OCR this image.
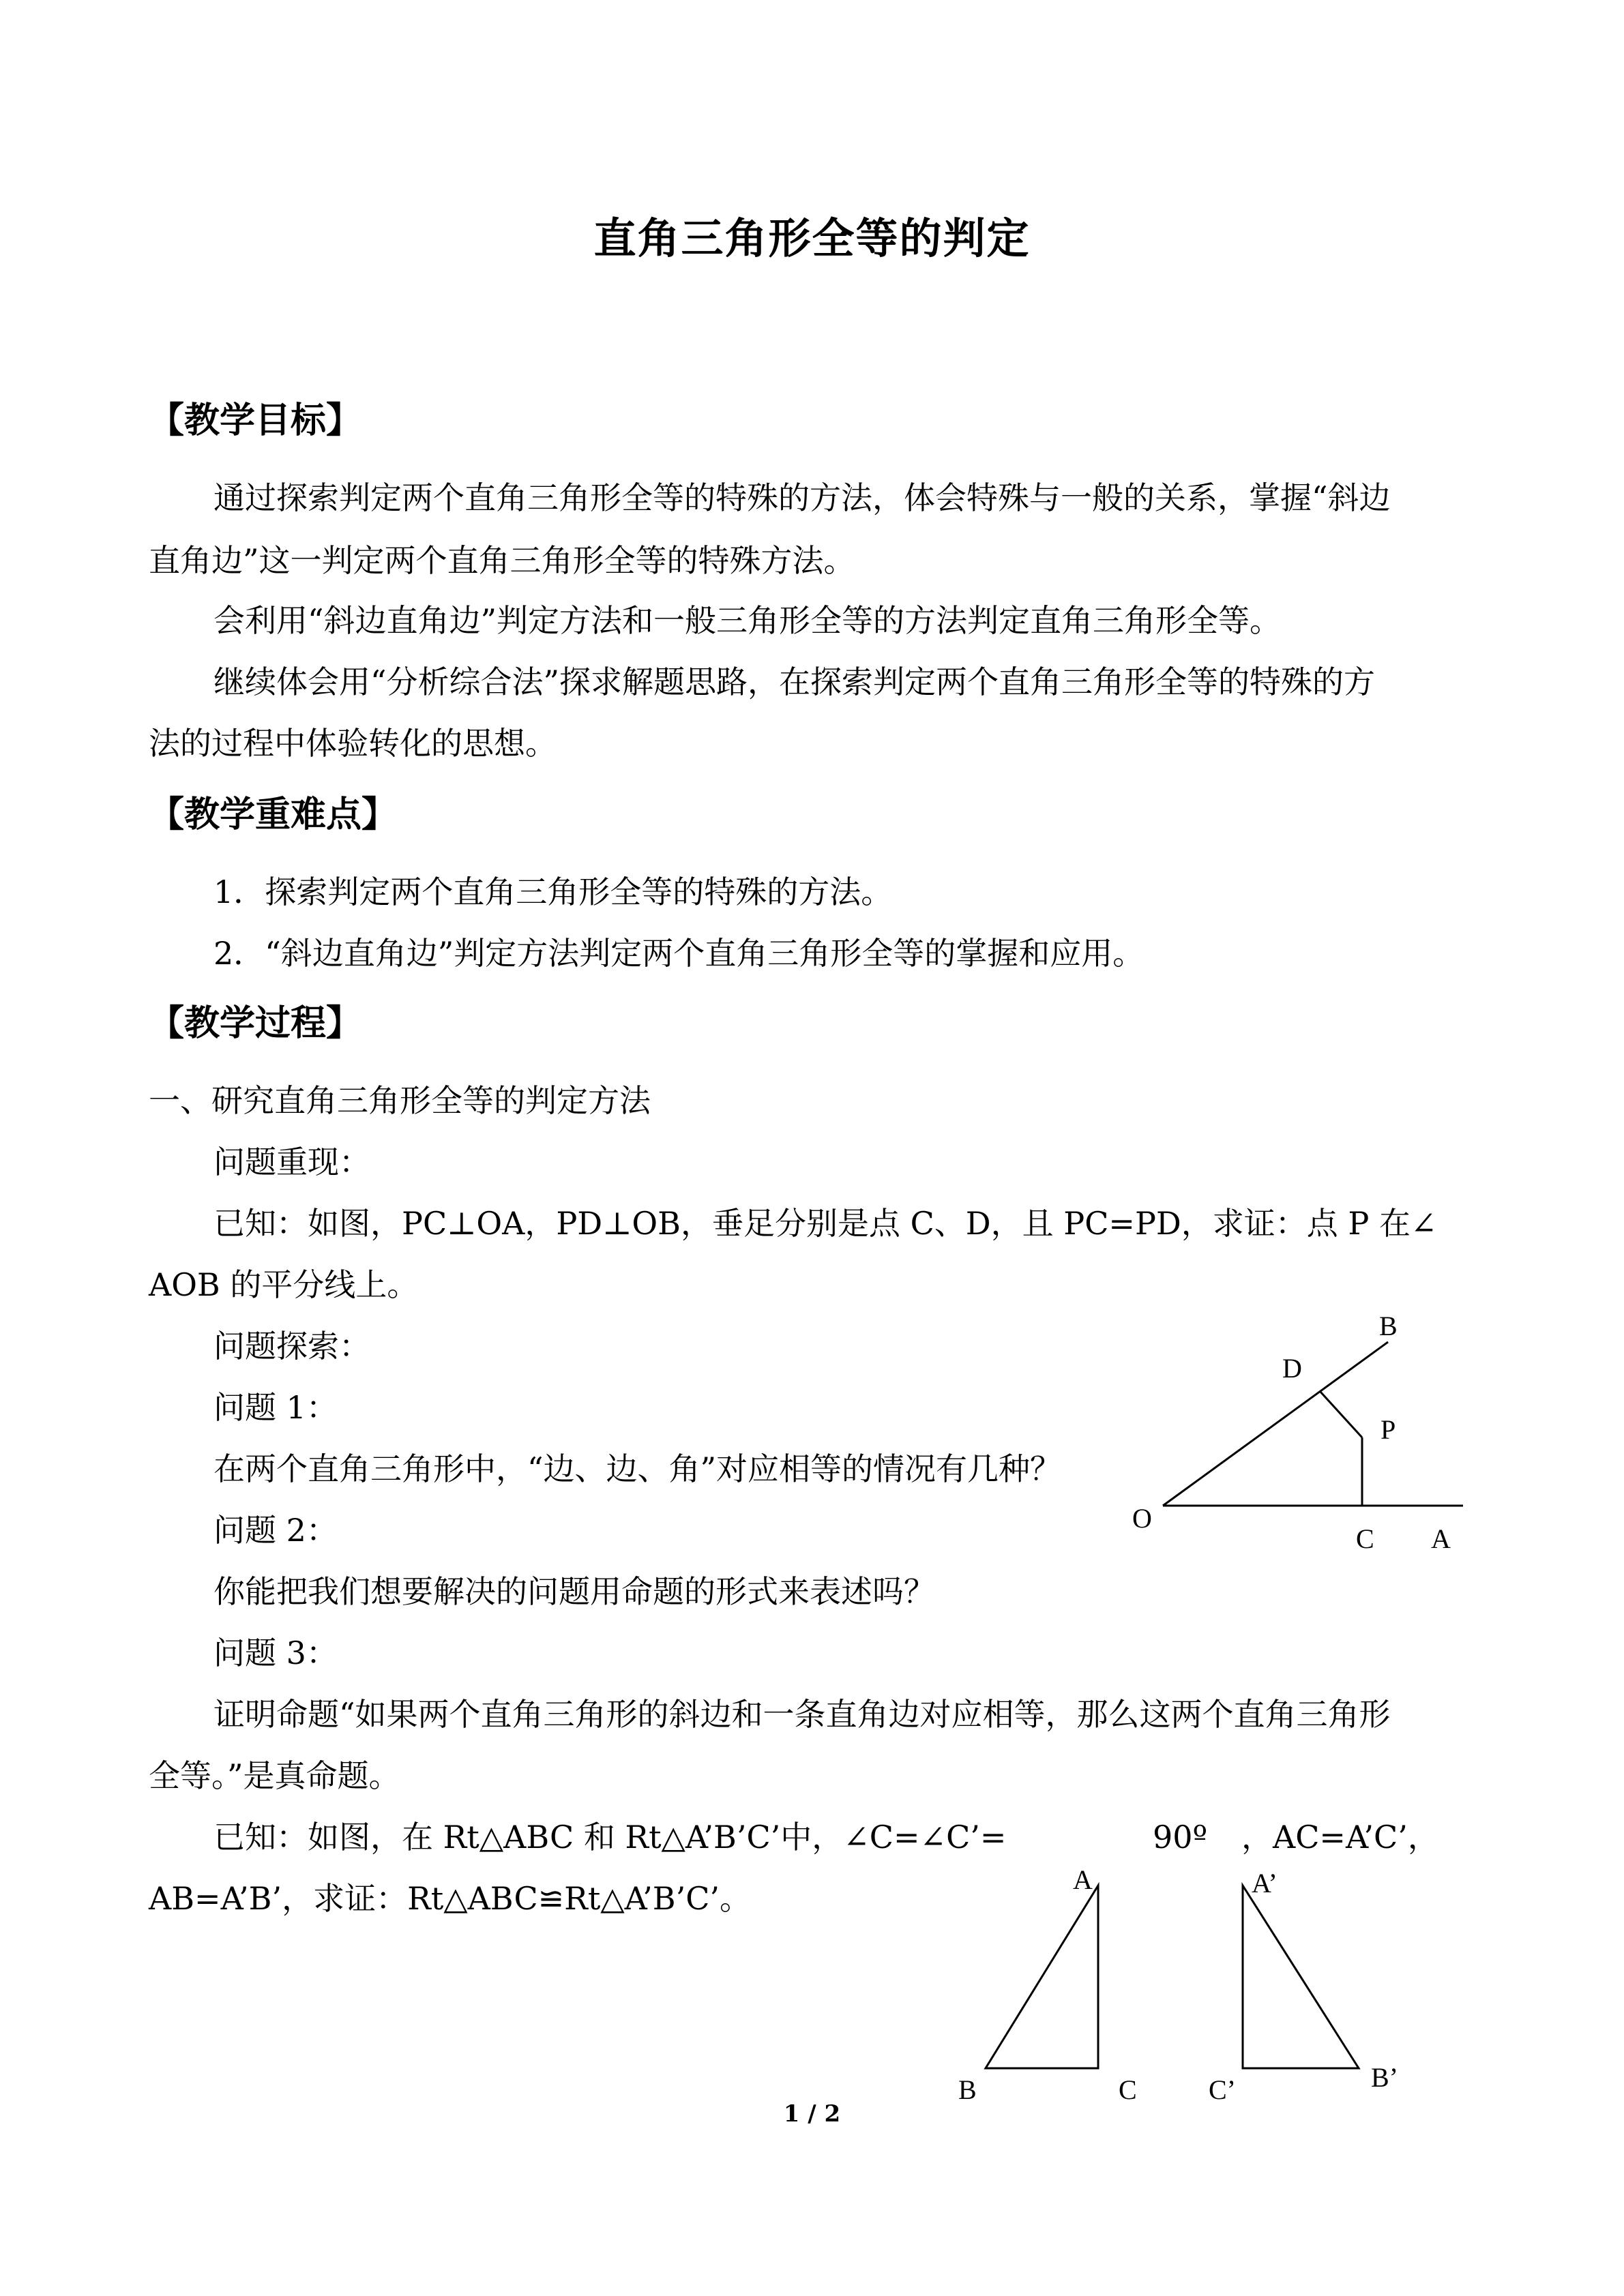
直角三角形全等的判定
【教学目标】
通过探索判定两个直角三角形全等的特殊的方法，体会特殊与一般的关系，掌握“斜边
直角边”这一判定两个直角三角形全等的特殊方法。
会利用“斜边直角边”判定方法和一般三角形全等的方法判定直角三角形全等。
继续体会用“分析综合法”探求解题思路，在探索判定两个直角三角形全等的特殊的方
法的过程中体验转化的思想。
【教学重难点】
1．探索判定两个直角三角形全等的特殊的方法。
2．“斜边直角边”判定方法判定两个直角三角形全等的掌握和应用。
【教学过程】
一、研究直角三角形全等的判定方法
问题重现：
已知：如图，PC⊥OA，PD⊥OB，垂足分别是点 C、D，且 PC=PD，求证：点 P 在∠
AOB 的平分线上。
问题探索：
问题 1：
在两个直角三角形中，“边、边、角”对应相等的情况有几种？
问题 2：
你能把我们想要解决的问题用命题的形式来表述吗？
问题 3：
证明命题“如果两个直角三角形的斜边和一条直角边对应相等，那么这两个直角三角形
全等。”是真命题。
已知：如图，在 Rt△ABC 和 Rt△A’B’C’中，∠C=∠C’=	90º ，AC=A’C’，
AB=A’B’，求证：Rt△ABC≌Rt△A’B’C’。
B
D
P
O
C A
A
B	C
A’
B’
C’
1 / 2
